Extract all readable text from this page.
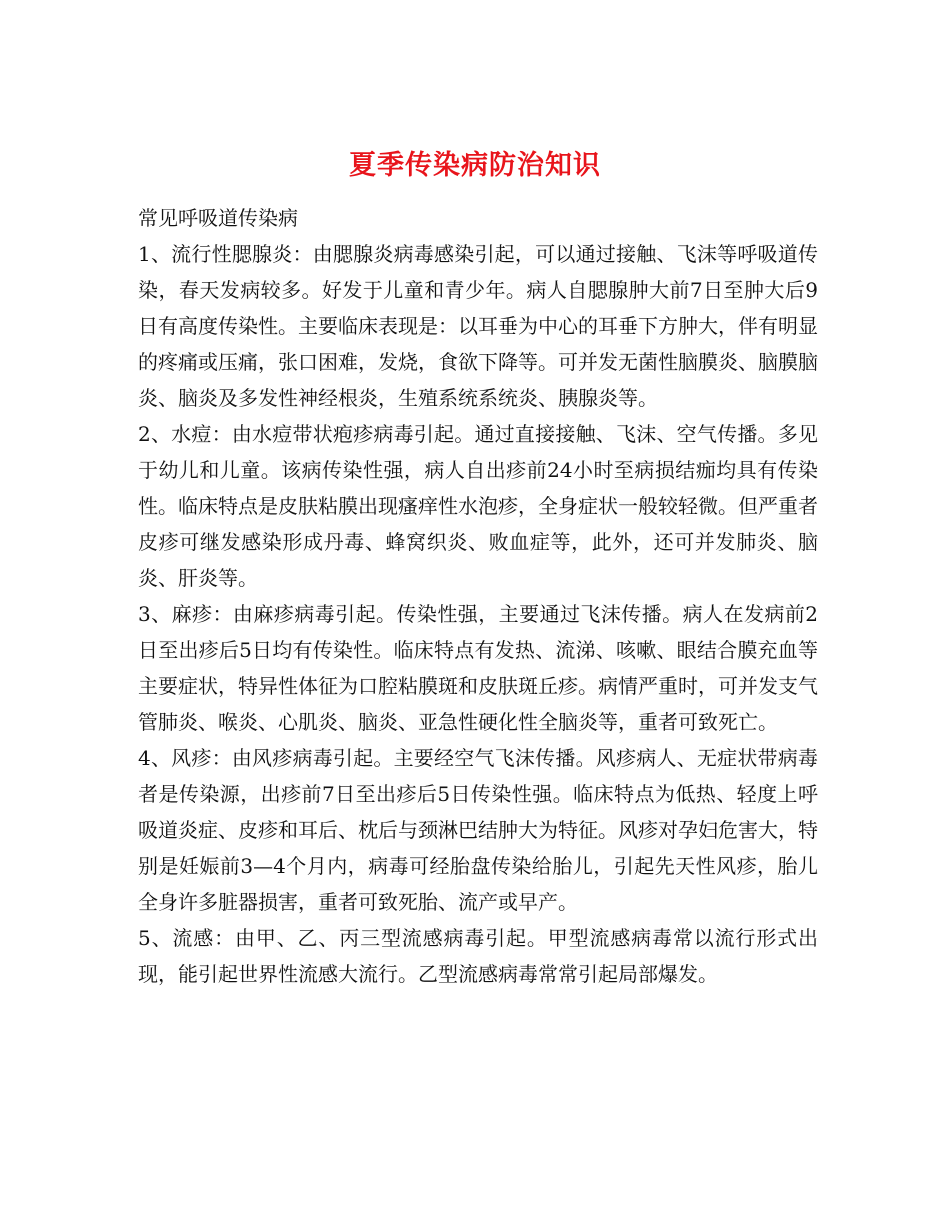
夏季传染病防治知识
常见呼吸道传染病

1、流行性腮腺炎：由腮腺炎病毒感染引起，可以通过接触、飞沫等呼吸道传染，春天发病较多。好发于儿童和青少年。病人自腮腺肿大前7日至肿大后9日有高度传染性。主要临床表现是：以耳垂为中心的耳垂下方肿大，伴有明显的疼痛或压痛，张口困难，发烧，食欲下降等。可并发无菌性脑膜炎、脑膜脑炎、脑炎及多发性神经根炎，生殖系统系统炎、胰腺炎等。

2、水痘：由水痘带状疱疹病毒引起。通过直接接触、飞沫、空气传播。多见于幼儿和儿童。该病传染性强，病人自出疹前24小时至病损结痂均具有传染性。临床特点是皮肤粘膜出现瘙痒性水泡疹，全身症状一般较轻微。但严重者皮疹可继发感染形成丹毒、蜂窝织炎、败血症等，此外，还可并发肺炎、脑炎、肝炎等。

3、麻疹：由麻疹病毒引起。传染性强，主要通过飞沫传播。病人在发病前2日至出疹后5日均有传染性。临床特点有发热、流涕、咳嗽、眼结合膜充血等主要症状，特异性体征为口腔粘膜斑和皮肤斑丘疹。病情严重时，可并发支气管肺炎、喉炎、心肌炎、脑炎、亚急性硬化性全脑炎等，重者可致死亡。

4、风疹：由风疹病毒引起。主要经空气飞沫传播。风疹病人、无症状带病毒者是传染源，出疹前7日至出疹后5日传染性强。临床特点为低热、轻度上呼吸道炎症、皮疹和耳后、枕后与颈淋巴结肿大为特征。风疹对孕妇危害大，特别是妊娠前3—4个月内，病毒可经胎盘传染给胎儿，引起先天性风疹，胎儿全身许多脏器损害，重者可致死胎、流产或早产。

5、流感：由甲、乙、丙三型流感病毒引起。甲型流感病毒常以流行形式出现，能引起世界性流感大流行。乙型流感病毒常常引起局部爆发。
